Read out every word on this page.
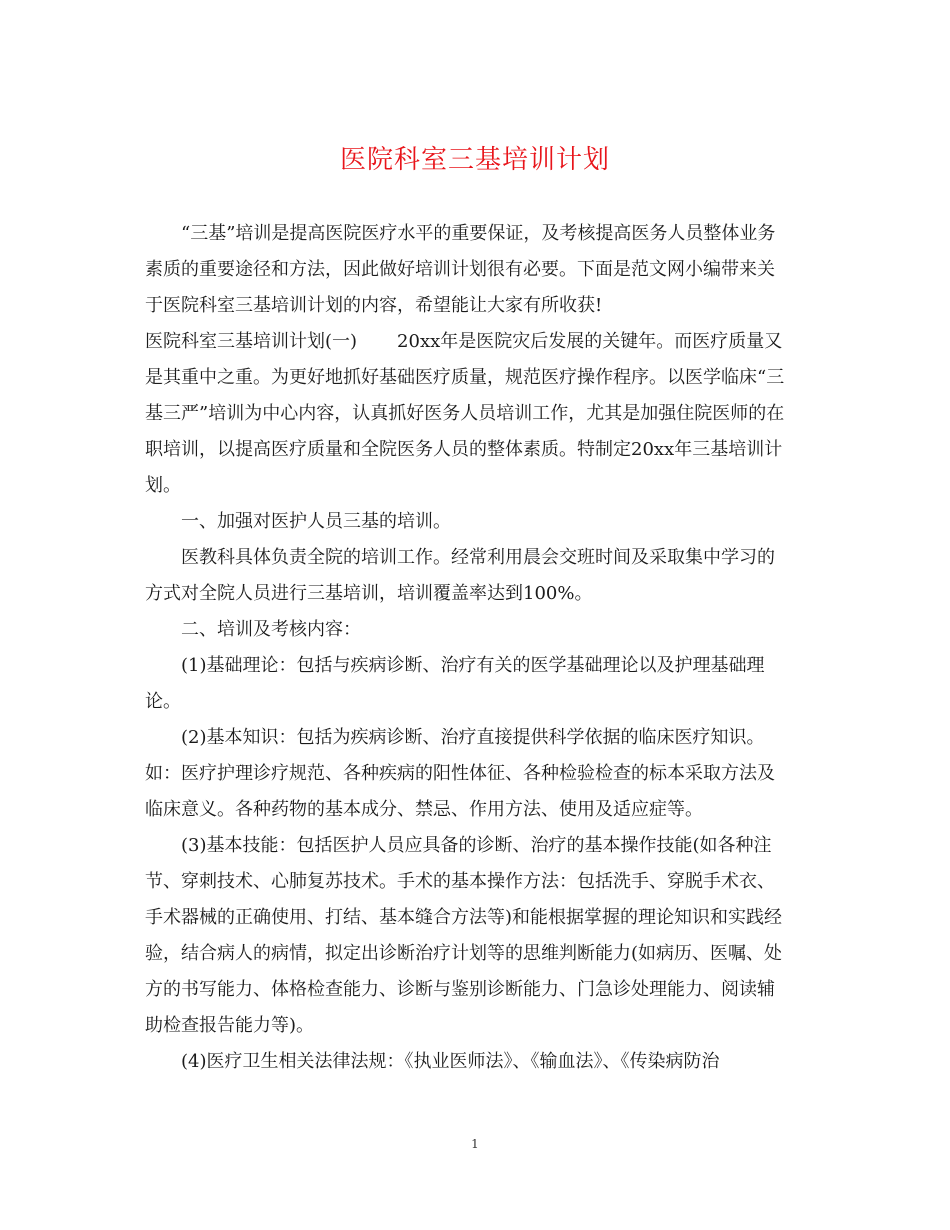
医院科室三基培训计划
“三基”培训是提高医院医疗水平的重要保证，及考核提高医务人员整体业务
素质的重要途径和方法，因此做好培训计划很有必要。下面是范文网小编带来关
于医院科室三基培训计划的内容，希望能让大家有所收获!
医院科室三基培训计划(一) 20xx年是医院灾后发展的关键年。而医疗质量又
是其重中之重。为更好地抓好基础医疗质量，规范医疗操作程序。以医学临床“三
基三严”培训为中心内容，认真抓好医务人员培训工作，尤其是加强住院医师的在
职培训，以提高医疗质量和全院医务人员的整体素质。特制定20xx年三基培训计
划。
一、加强对医护人员三基的培训。
医教科具体负责全院的培训工作。经常利用晨会交班时间及采取集中学习的
方式对全院人员进行三基培训，培训覆盖率达到100%。
二、培训及考核内容：
(1)基础理论：包括与疾病诊断、治疗有关的医学基础理论以及护理基础理
论。
(2)基本知识：包括为疾病诊断、治疗直接提供科学依据的临床医疗知识。
如：医疗护理诊疗规范、各种疾病的阳性体征、各种检验检查的标本采取方法及
临床意义。各种药物的基本成分、禁忌、作用方法、使用及适应症等。
(3)基本技能：包括医护人员应具备的诊断、治疗的基本操作技能(如各种注
节、穿刺技术、心肺复苏技术。手术的基本操作方法：包括洗手、穿脱手术衣、
手术器械的正确使用、打结、基本缝合方法等)和能根据掌握的理论知识和实践经
验，结合病人的病情，拟定出诊断治疗计划等的思维判断能力(如病历、医嘱、处
方的书写能力、体格检查能力、诊断与鉴别诊断能力、门急诊处理能力、阅读辅
助检查报告能力等)。
(4)医疗卫生相关法律法规：《执业医师法》、《输血法》、《传染病防治
1
